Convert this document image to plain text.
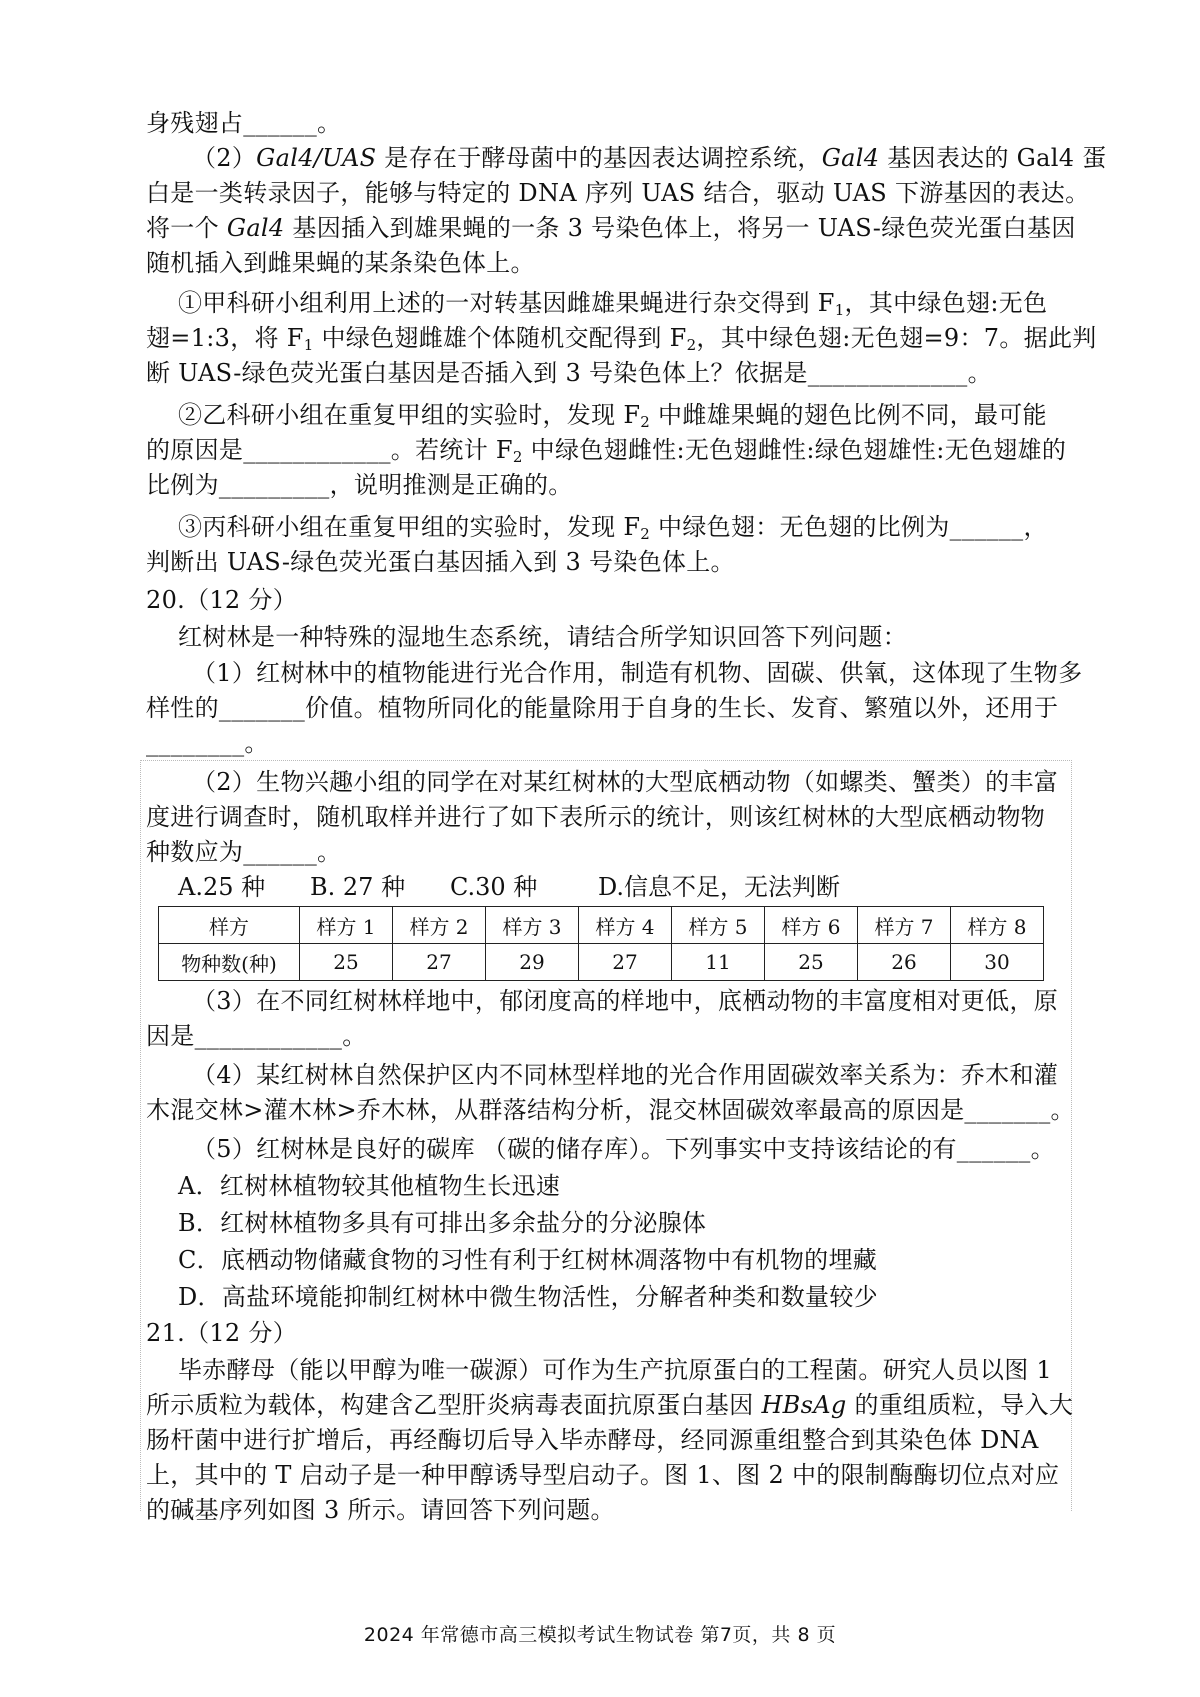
身残翅占______。
（2）Gal4/UAS 是存在于酵母菌中的基因表达调控系统，Gal4 基因表达的 Gal4 蛋
白是一类转录因子，能够与特定的 DNA 序列 UAS 结合，驱动 UAS 下游基因的表达。
将一个 Gal4 基因插入到雄果蝇的一条 3 号染色体上，将另一 UAS-绿色荧光蛋白基因
随机插入到雌果蝇的某条染色体上。
①甲科研小组利用上述的一对转基因雌雄果蝇进行杂交得到 $F_1$，其中绿色翅:无色
翅=1:3，将 $F_1$ 中绿色翅雌雄个体随机交配得到 $F_2$，其中绿色翅:无色翅=9：7。据此判
断 UAS-绿色荧光蛋白基因是否插入到 3 号染色体上？依据是_____________。
②乙科研小组在重复甲组的实验时，发现 $F_2$ 中雌雄果蝇的翅色比例不同，最可能
的原因是____________。若统计 $F_2$ 中绿色翅雌性:无色翅雌性:绿色翅雄性:无色翅雄的
比例为_________，说明推测是正确的。
③丙科研小组在重复甲组的实验时，发现 $F_2$ 中绿色翅：无色翅的比例为______，
判断出 UAS-绿色荧光蛋白基因插入到 3 号染色体上。
20.（12 分）
红树林是一种特殊的湿地生态系统，请结合所学知识回答下列问题：
（1）红树林中的植物能进行光合作用，制造有机物、固碳、供氧，这体现了生物多
样性的_______价值。植物所同化的能量除用于自身的生长、发育、繁殖以外，还用于
________。
（2）生物兴趣小组的同学在对某红树林的大型底栖动物（如螺类、蟹类）的丰富
度进行调查时，随机取样并进行了如下表所示的统计，则该红树林的大型底栖动物物
种数应为______。
A.25 种 B. 27 种 C.30 种	D.信息不足，无法判断
样方	样方 1	样方 2	样方 3	样方 4	样方 5	样方 6	样方 7	样方 8
物种数(种)	25	27	29	27	11	25	26	30
（3）在不同红树林样地中，郁闭度高的样地中，底栖动物的丰富度相对更低，原
因是____________。
（4）某红树林自然保护区内不同林型样地的光合作用固碳效率关系为：乔木和灌
木混交林>灌木林>乔木林，从群落结构分析，混交林固碳效率最高的原因是_______。
（5）红树林是良好的碳库 （碳的储存库）。下列事实中支持该结论的有______。
A．红树林植物较其他植物生长迅速
B．红树林植物多具有可排出多余盐分的分泌腺体
C．底栖动物储藏食物的习性有利于红树林凋落物中有机物的埋藏
D．高盐环境能抑制红树林中微生物活性，分解者种类和数量较少
21.（12 分）
毕赤酵母（能以甲醇为唯一碳源）可作为生产抗原蛋白的工程菌。研究人员以图 1
所示质粒为载体，构建含乙型肝炎病毒表面抗原蛋白基因 HBsAg 的重组质粒，导入大
肠杆菌中进行扩增后，再经酶切后导入毕赤酵母，经同源重组整合到其染色体 DNA
上，其中的 T 启动子是一种甲醇诱导型启动子。图 1、图 2 中的限制酶酶切位点对应
的碱基序列如图 3 所示。请回答下列问题。
2024 年常德市高三模拟考试生物试卷 第7页，共 8 页
